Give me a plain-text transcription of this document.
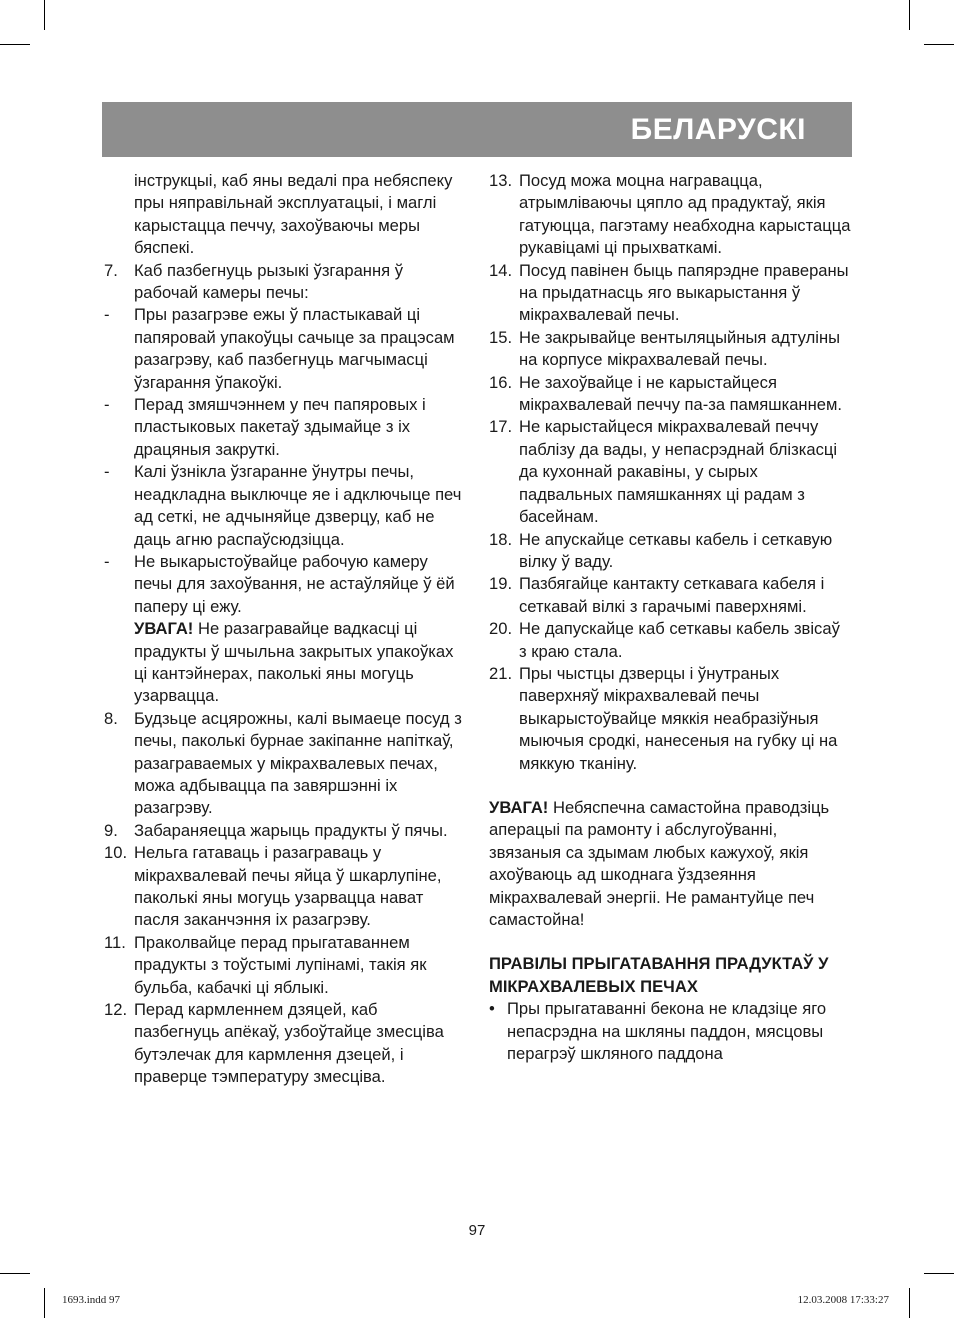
БЕЛАРУСКІ

інструкцыі, каб яны ведалі пра небяспеку пры няправільнай эксплуатацыі, і маглі карыстацца печчу, захоўваючы меры бяспекі.

7. Каб пазбегнуць рызыкі ўзгарання ў рабочай камеры печы:
- Пры разагрэве ежы ў пластыкавай ці папяровай упакоўцы сачыце за працэсам разагрэву, каб пазбегнуць магчымасці ўзгарання ўпакоўкі.
- Перад змяшчэннем у печ папяровых і пластыковых пакетаў здымайце з іх драцяныя закруткі.
- Калі ўзнікла ўзгаранне ўнутры печы, неадкладна выключце яе і адключыце печ ад сеткі, не адчыняйце дзверцу, каб не даць агню распаўсюдзіцца.
- Не выкарыстоўвайце рабочую камеру печы для захоўвання, не астаўляйце ў ёй паперу ці ежу.

УВАГА! Не разагравайце вадкасці ці прадукты ў шчыльна закрытых упакоўках ці кантэйнерах, паколькі яны могуць узарвацца.

8. Будзьце асцярожны, калі вымаеце посуд з печы, паколькі бурнае закіпанне напіткаў, разаграваемых у мікрахвалевых печах, можа адбывацца па завяршэнні іх разагрэву.
9. Забараняецца жарыць прадукты ў пячы.
10. Нельга гатаваць і разаграваць у мікрахвалевай печы яйца ў шкарлупіне, паколькі яны могуць узарвацца нават пасля заканчэння іх разагрэву.
11. Праколвайце перад прыгатаваннем прадукты з тоўстымі лупінамі, такія як бульба, кабачкі ці яблыкі.
12. Перад кармленнем дзяцей, каб пазбегнуць апёкаў, узбоўтайце змесціва бутэлечак для кармлення дзецей, і праверце тэмпературу змесціва.
13. Посуд можа моцна награвацца, атрымліваючы цяпло ад прадуктаў, якія гатуюцца, пагэтаму неабходна карыстацца рукавіцамі ці прыхваткамі.
14. Посуд павінен быць папярэдне правераны на прыдатнасць яго выкарыстання ў мікрахвалевай печы.
15. Не закрывайце вентыляцыйныя адтуліны на корпусе мікрахвалевай печы.
16. Не захоўвайце і не карыстайцеся мікрахвалевай печчу па-за памяшканнем.
17. Не карыстайцеся мікрахвалевай печчу паблізу да вады, у непасрэднай блізкасці да кухоннай ракавіны, у сырых падвальных памяшканнях ці радам з басейнам.
18. Не апускайце сеткавы кабель і сеткавую вілку ў ваду.
19. Пазбягайце кантакту сеткавага кабеля і сеткавай вілкі з гарачымі паверхнямі.
20. Не дапускайце каб сеткавы кабель звісаў з краю стала.
21. Пры чыстцы дзверцы і ўнутраных паверхняў мікрахвалевай печы выкарыстоўвайце мяккія неабразіўныя мыючыя сродкі, нанесеныя на губку ці на мяккую тканіну.

УВАГА! Небяспечна самастойна праводзіць аперацыі па рамонту і абслугоўванні, звязаныя са здымам любых кажухоў, якія ахоўваюць ад шкоднага ўздзеяння мікрахвалевай энергіі. Не рамантуйце печ самастойна!

ПРАВІЛЫ ПРЫГАТАВАННЯ ПРАДУКТАЎ У МІКРАХВАЛЕВЫХ ПЕЧАХ

• Пры прыгатаванні бекона не кладзіце яго непасрэдна на шкляны паддон, мясцовы перагрэў шкляного паддона
97
1693.indd 97	12.03.2008 17:33:27
